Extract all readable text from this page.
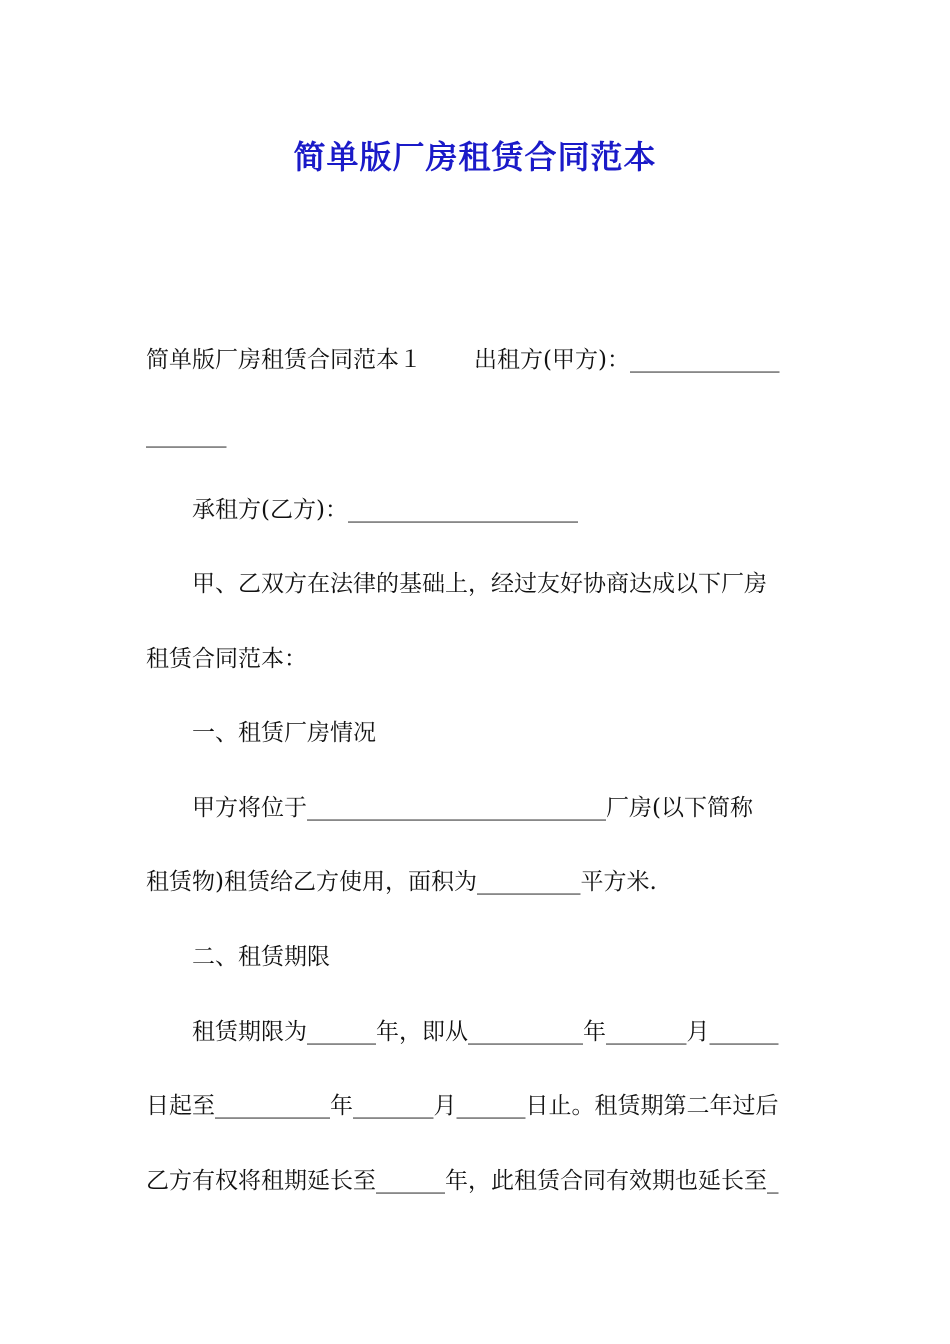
简单版厂房租赁合同范本
简单版厂房租赁合同范本１ 出租方(甲方)：_____________
_______
承租方(乙方)：____________________
甲、乙双方在法律的基础上，经过友好协商达成以下厂房
租赁合同范本：
一、租赁厂房情况
甲方将位于__________________________厂房(以下简称
租赁物)租赁给乙方使用，面积为_________平方米.
二、租赁期限
租赁期限为______年，即从__________年_______月______
日起至__________年_______月______日止。租赁期第二年过后
乙方有权将租期延长至______年，此租赁合同有效期也延长至_
